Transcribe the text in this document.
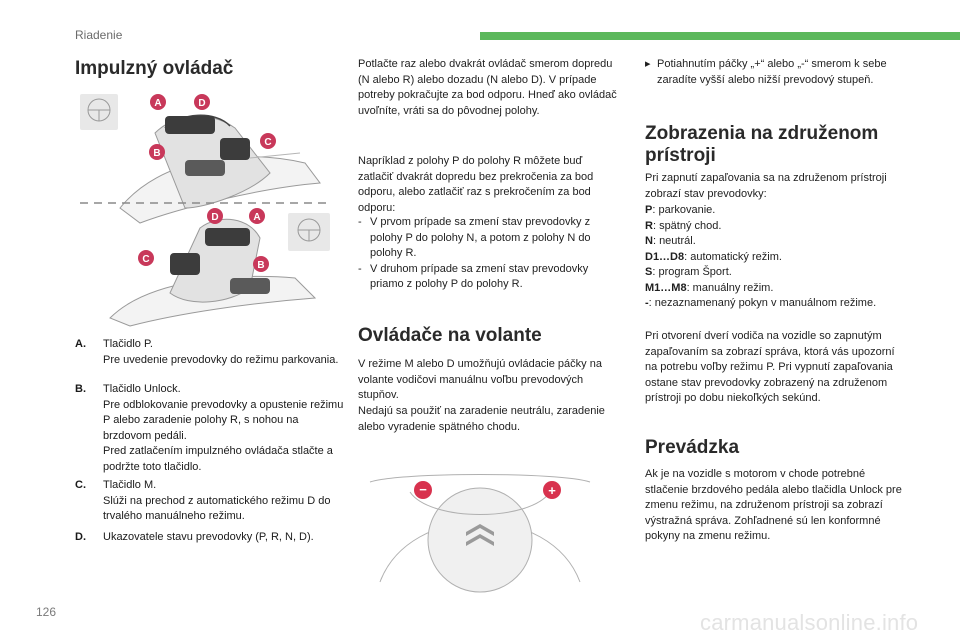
Riadenie
Impulzný ovládač
A	D
C
B
D	A
C
B
A. Tlačidlo P.
Pre uvedenie prevodovky do režimu parkovania.
B. Tlačidlo Unlock.
Pre odblokovanie prevodovky a opustenie režimu P alebo zaradenie polohy R, s nohou na brzdovom pedáli.
Pred zatlačením impulzného ovládača stlačte a podržte toto tlačidlo.
C. Tlačidlo M.
Slúži na prechod z automatického režimu D do trvalého manuálneho režimu.
D. Ukazovatele stavu prevodovky (P, R, N, D).

Potlačte raz alebo dvakrát ovládač smerom dopredu (N alebo R) alebo dozadu (N alebo D). V prípade potreby pokračujte za bod odporu. Hneď ako ovládač uvoľníte, vráti sa do pôvodnej polohy.

Napríklad z polohy P do polohy R môžete buď zatlačiť dvakrát dopredu bez prekročenia za bod odporu, alebo zatlačiť raz s prekročením za bod odporu:

- V prvom prípade sa zmení stav prevodovky z polohy P do polohy N, a potom z polohy N do polohy R.
- V druhom prípade sa zmení stav prevodovky priamo z polohy P do polohy R.
Ovládače na volante

V režime M alebo D umožňujú ovládacie páčky na volante vodičovi manuálnu voľbu prevodových stupňov.

Nedajú sa použiť na zaradenie neutrálu, zaradenie alebo vyradenie spätného chodu.

−	+
▸ Potiahnutím páčky „+“ alebo „-“ smerom k sebe zaradíte vyšší alebo nižší prevodový stupeň.
Zobrazenia na združenom prístroji

Pri zapnutí zapaľovania sa na združenom prístroji zobrazí stav prevodovky:

P: parkovanie.
R: spätný chod.
N: neutrál.
D1…D8: automatický režim.
S: program Šport.
M1…M8: manuálny režim.
-: nezaznamenaný pokyn v manuálnom režime.

Pri otvorení dverí vodiča na vozidle so zapnutým zapaľovaním sa zobrazí správa, ktorá vás upozorní na potrebu voľby režimu P. Pri vypnutí zapaľovania ostane stav prevodovky zobrazený na združenom prístroji po dobu niekoľkých sekúnd.

Prevádzka

Ak je na vozidle s motorom v chode potrebné stlačenie brzdového pedála alebo tlačidla Unlock pre zmenu režimu, na združenom prístroji sa zobrazí výstražná správa. Zohľadnené sú len konformné pokyny na zmenu režimu.

126	carmanualsonline.info
